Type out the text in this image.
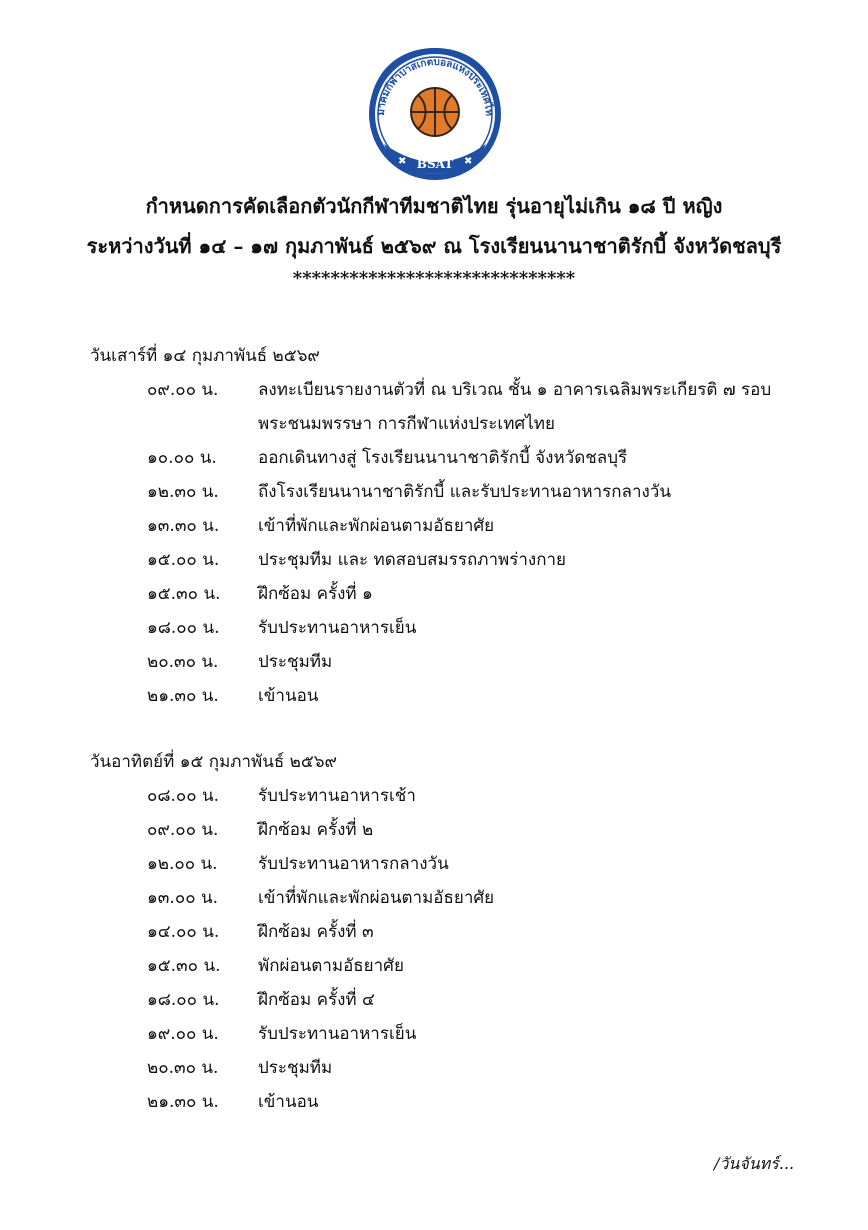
มาคมกีฬาบาสเกตบอลแห่งประเทศไท
✖	✖
BSAT
กำหนดการคัดเลือกตัวนักกีฬาทีมชาติไทย รุ่นอายุไม่เกิน ๑๘ ปี หญิง
ระหว่างวันที่ ๑๔ – ๑๗ กุมภาพันธ์ ๒๕๖๙ ณ โรงเรียนนานาชาติรักบี้ จังหวัดชลบุรี
******************************
วันเสาร์ที่ ๑๔ กุมภาพันธ์ ๒๕๖๙
๐๙.๐๐ น. ลงทะเบียนรายงานตัวที่ ณ บริเวณ ชั้น ๑ อาคารเฉลิมพระเกียรติ ๗ รอบ
พระชนมพรรษา การกีฬาแห่งประเทศไทย
๑๐.๐๐ น. ออกเดินทางสู่ โรงเรียนนานาชาติรักบี้ จังหวัดชลบุรี
๑๒.๓๐ น. ถึงโรงเรียนนานาชาติรักบี้ และรับประทานอาหารกลางวัน
๑๓.๓๐ น. เข้าที่พักและพักผ่อนตามอัธยาศัย
๑๕.๐๐ น. ประชุมทีม และ ทดสอบสมรรถภาพร่างกาย
๑๕.๓๐ น. ฝึกซ้อม ครั้งที่ ๑
๑๘.๐๐ น. รับประทานอาหารเย็น
๒๐.๓๐ น. ประชุมทีม
๒๑.๓๐ น. เข้านอน
วันอาทิตย์ที่ ๑๕ กุมภาพันธ์ ๒๕๖๙
๐๘.๐๐ น. รับประทานอาหารเช้า
๐๙.๐๐ น. ฝึกซ้อม ครั้งที่ ๒
๑๒.๐๐ น. รับประทานอาหารกลางวัน
๑๓.๐๐ น. เข้าที่พักและพักผ่อนตามอัธยาศัย
๑๔.๐๐ น. ฝึกซ้อม ครั้งที่ ๓
๑๕.๓๐ น. พักผ่อนตามอัธยาศัย
๑๘.๐๐ น. ฝึกซ้อม ครั้งที่ ๔
๑๙.๐๐ น. รับประทานอาหารเย็น
๒๐.๓๐ น. ประชุมทีม
๒๑.๓๐ น. เข้านอน
/วันจันทร์...
